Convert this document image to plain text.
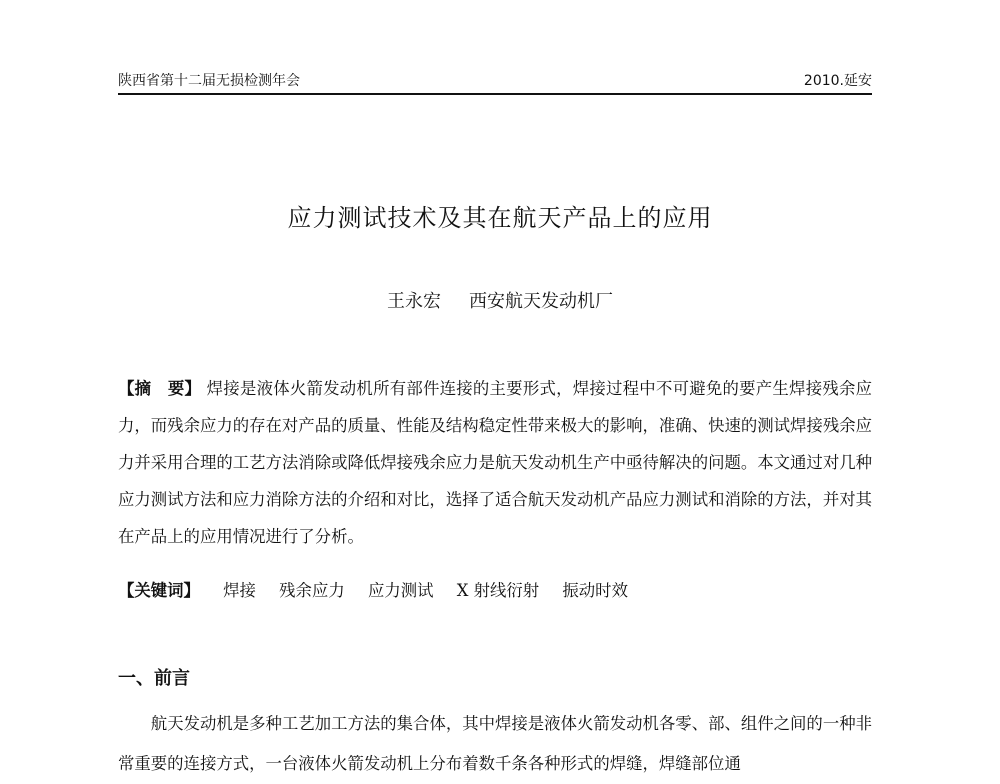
陕西省第十二届无损检测年会	2010.延安
应力测试技术及其在航天产品上的应用
王永宏 西安航天发动机厂
【摘　要】 焊接是液体火箭发动机所有部件连接的主要形式，焊接过程中不可避免的要产生焊接残余应力，而残余应力的存在对产品的质量、性能及结构稳定性带来极大的影响，准确、快速的测试焊接残余应力并采用合理的工艺方法消除或降低焊接残余应力是航天发动机生产中亟待解决的问题。本文通过对几种应力测试方法和应力消除方法的介绍和对比，选择了适合航天发动机产品应力测试和消除的方法，并对其在产品上的应用情况进行了分析。
【关键词】 焊接 残余应力 应力测试 X 射线衍射 振动时效
一、前言
航天发动机是多种工艺加工方法的集合体，其中焊接是液体火箭发动机各零、部、组件之间的一种非常重要的连接方式，一台液体火箭发动机上分布着数千条各种形式的焊缝，焊缝部位通
